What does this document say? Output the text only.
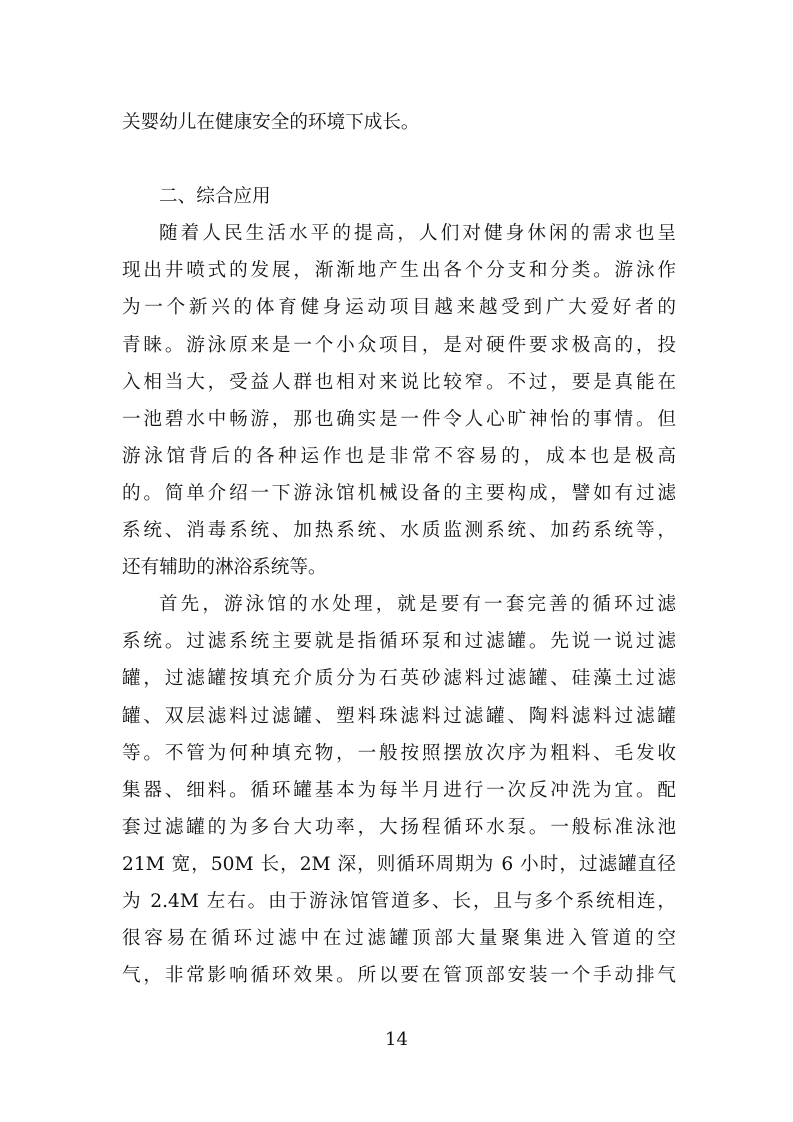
关婴幼儿在健康安全的环境下成长。
二、综合应用
随着人民生活水平的提高，人们对健身休闲的需求也呈
现出井喷式的发展，渐渐地产生出各个分支和分类。游泳作
为一个新兴的体育健身运动项目越来越受到广大爱好者的
青睐。游泳原来是一个小众项目，是对硬件要求极高的，投
入相当大，受益人群也相对来说比较窄。不过，要是真能在
一池碧水中畅游，那也确实是一件令人心旷神怡的事情。但
游泳馆背后的各种运作也是非常不容易的，成本也是极高
的。简单介绍一下游泳馆机械设备的主要构成，譬如有过滤
系统、消毒系统、加热系统、水质监测系统、加药系统等，
还有辅助的淋浴系统等。
首先，游泳馆的水处理，就是要有一套完善的循环过滤
系统。过滤系统主要就是指循环泵和过滤罐。先说一说过滤
罐，过滤罐按填充介质分为石英砂滤料过滤罐、硅藻土过滤
罐、双层滤料过滤罐、塑料珠滤料过滤罐、陶料滤料过滤罐
等。不管为何种填充物，一般按照摆放次序为粗料、毛发收
集器、细料。循环罐基本为每半月进行一次反冲洗为宜。配
套过滤罐的为多台大功率，大扬程循环水泵。一般标准泳池
21M 宽，50M 长，2M 深，则循环周期为 6 小时，过滤罐直径
为 2.4M 左右。由于游泳馆管道多、长，且与多个系统相连，
很容易在循环过滤中在过滤罐顶部大量聚集进入管道的空
气，非常影响循环效果。所以要在管顶部安装一个手动排气
14
